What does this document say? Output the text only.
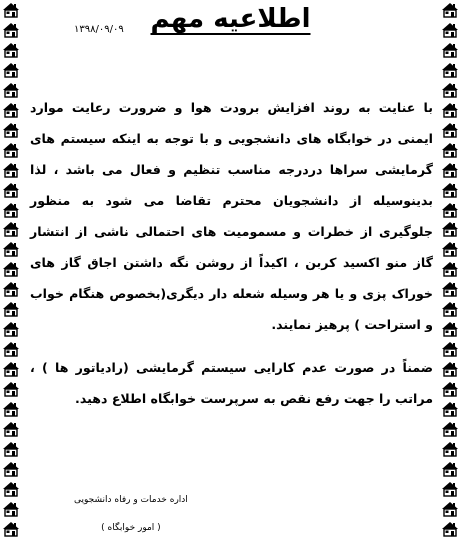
اطلاعیه مهم
۱۳۹۸/۰۹/۰۹

با عنایت به روند افزایش برودت هوا و ضرورت رعایت موارد ایمنی در خوابگاه های دانشجویی و با توجه به اینکه سیستم های گرمایشی سراها دردرجه مناسب تنظیم و فعال می باشد ، لذا بدینوسیله از دانشجویان محترم تقاضا می شود به منظور جلوگیری از خطرات و مسمومیت های احتمالی ناشی از انتشار گاز منو اکسید کربن ، اکیداً از روشن نگه داشتن اجاق گاز های خوراک پزی و یا هر وسیله شعله دار دیگری(بخصوص هنگام خواب و استراحت ) پرهیز نمایند.

ضمناً در صورت عدم کارایی سیستم گرمایشی (رادیاتور ها ) ، مراتب را جهت رفع نقص به سرپرست خوابگاه اطلاع دهید.

اداره خدمات و رفاه دانشجویی
( امور خوابگاه )
